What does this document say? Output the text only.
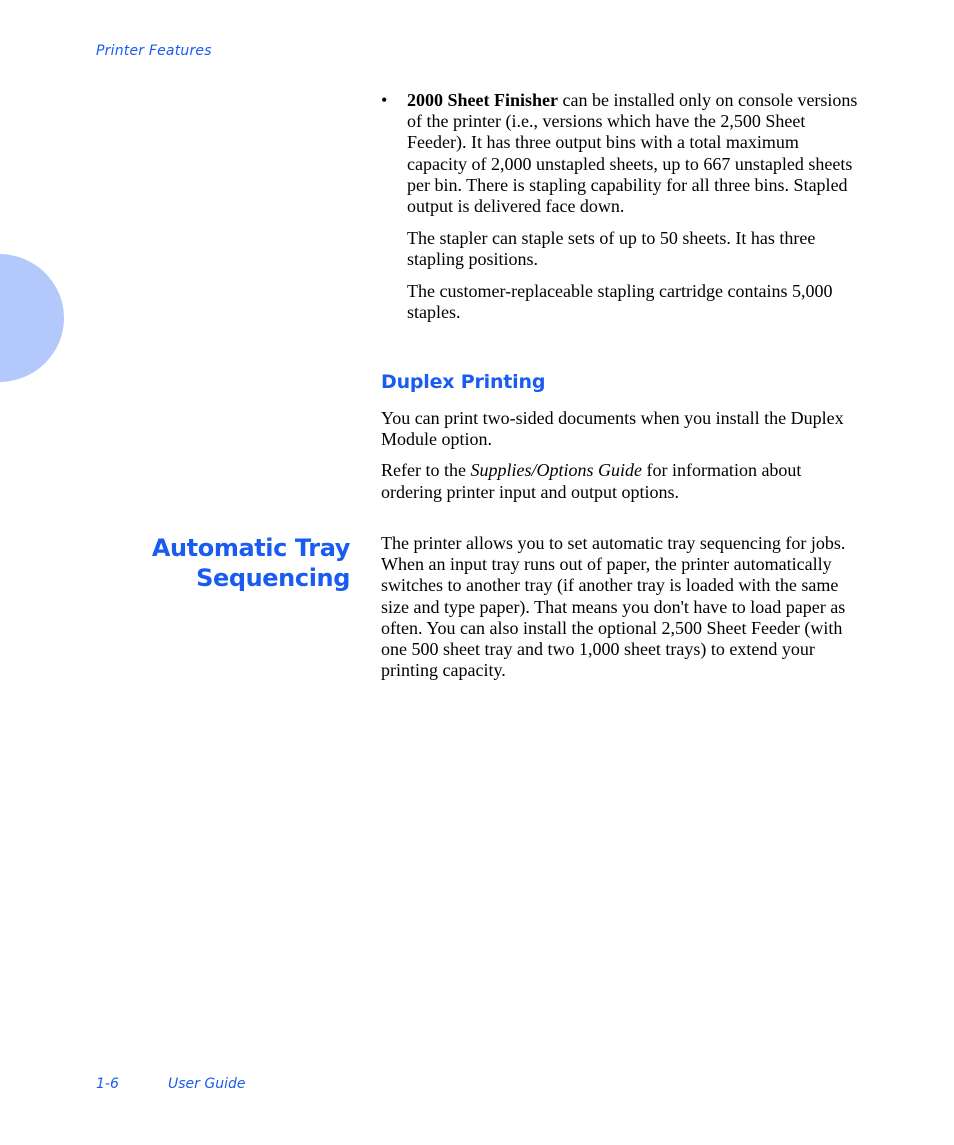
Printer Features
•	2000 Sheet Finisher can be installed only on console versions of the printer (i.e., versions which have the 2,500 Sheet Feeder). It has three output bins with a total maximum capacity of 2,000 unstapled sheets, up to 667 unstapled sheets per bin. There is stapling capability for all three bins. Stapled output is delivered face down.

The stapler can staple sets of up to 50 sheets. It has three stapling positions.

The customer-replaceable stapling cartridge contains 5,000 staples.

Duplex Printing

You can print two-sided documents when you install the Duplex Module option.

Refer to the Supplies/Options Guide for information about ordering printer input and output options.

Automatic Tray
Sequencing

The printer allows you to set automatic tray sequencing for jobs. When an input tray runs out of paper, the printer automatically switches to another tray (if another tray is loaded with the same size and type paper). That means you don't have to load paper as often. You can also install the optional 2,500 Sheet Feeder (with one 500 sheet tray and two 1,000 sheet trays) to extend your printing capacity.

1-6	User Guide
